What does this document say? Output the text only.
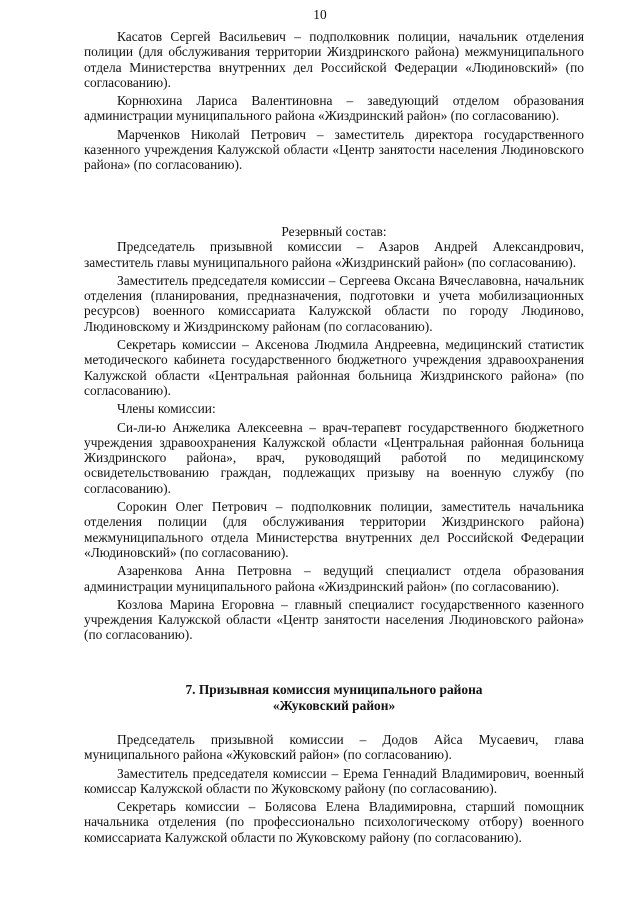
10

Касатов Сергей Васильевич – подполковник полиции, начальник отделения полиции (для обслуживания территории Жиздринского района) межмуниципального отдела Министерства внутренних дел Российской Федерации «Людиновский» (по согласованию).

Корнюхина Лариса Валентиновна – заведующий отделом образования администрации муниципального района «Жиздринский район» (по согласованию).

Марченков Николай Петрович – заместитель директора государственного казенного учреждения Калужской области «Центр занятости населения Людиновского района» (по согласованию).

Резервный состав:

Председатель призывной комиссии – Азаров Андрей Александрович, заместитель главы муниципального района «Жиздринский район» (по согласованию).

Заместитель председателя комиссии – Сергеева Оксана Вячеславовна, начальник отделения (планирования, предназначения, подготовки и учета мобилизационных ресурсов) военного комиссариата Калужской области по городу Людиново, Людиновскому и Жиздринскому районам (по согласованию).

Секретарь комиссии – Аксенова Людмила Андреевна, медицинский статистик методического кабинета государственного бюджетного учреждения здравоохранения Калужской области «Центральная районная больница Жиздринского района» (по согласованию).

Члены комиссии:

Си-ли-ю Анжелика Алексеевна – врач-терапевт государственного бюджетного учреждения здравоохранения Калужской области «Центральная районная больница Жиздринского района», врач, руководящий работой по медицинскому освидетельствованию граждан, подлежащих призыву на военную службу (по согласованию).

Сорокин Олег Петрович – подполковник полиции, заместитель начальника отделения полиции (для обслуживания территории Жиздринского района) межмуниципального отдела Министерства внутренних дел Российской Федерации «Людиновский» (по согласованию).

Азаренкова Анна Петровна – ведущий специалист отдела образования администрации муниципального района «Жиздринский район» (по согласованию).

Козлова Марина Егоровна – главный специалист государственного казенного учреждения Калужской области «Центр занятости населения Людиновского района» (по согласованию).

7. Призывная комиссия муниципального района

«Жуковский район»

Председатель призывной комиссии – Додов Айса Мусаевич, глава муниципального района «Жуковский район» (по согласованию).

Заместитель председателя комиссии – Ерема Геннадий Владимирович, военный комиссар Калужской области по Жуковскому району (по согласованию).

Секретарь комиссии – Болясова Елена Владимировна, старший помощник начальника отделения (по профессионально психологическому отбору) военного комиссариата Калужской области по Жуковскому району (по согласованию).
